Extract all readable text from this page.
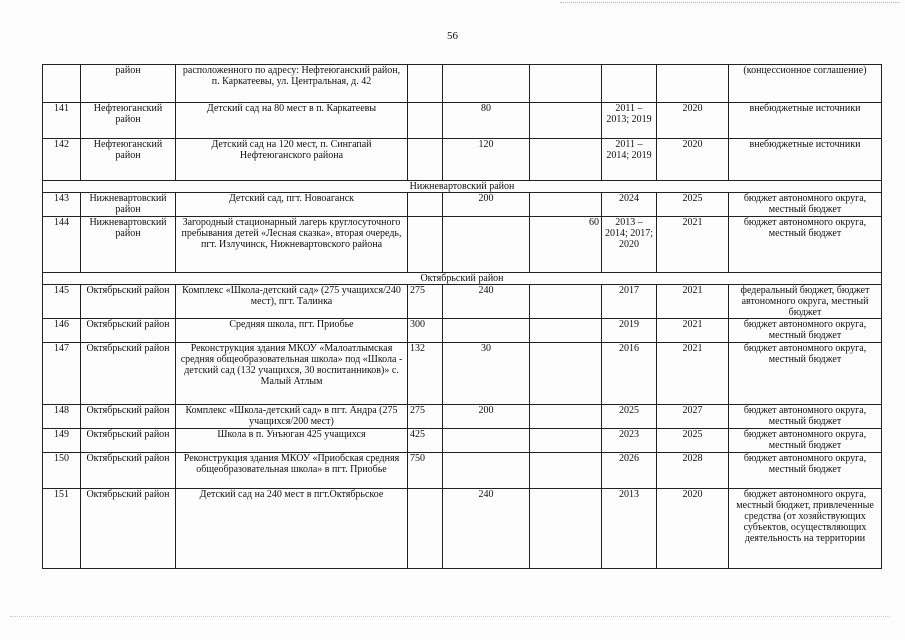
56
	район	расположенного по адресу: Нефтеюганский район, п. Каркатеевы, ул. Центральная, д. 42						(концессионное соглашение)
141	Нефтеюганский район	Детский сад на 80 мест в п. Каркатеевы		80		2011 – 2013; 2019	2020	внебюджетные источники
142	Нефтеюганский район	Детский сад на 120 мест, п. Сингапай Нефтеюганского района		120		2011 – 2014; 2019	2020	внебюджетные источники
Нижневартовский район								
143	Нижневартовский район	Детский сад, пгт. Новоаганск		200		2024	2025	бюджет автономного округа, местный бюджет
144	Нижневартовский район	Загородный стационарный лагерь круглосуточного пребывания детей «Лесная сказка», вторая очередь, пгт. Излучинск, Нижневартовского района			60	2013 – 2014; 2017; 2020	2021	бюджет автономного округа, местный бюджет
Октябрьский район								
145	Октябрьский район	Комплекс «Школа-детский сад» (275 учащихся/240 мест), пгт. Талинка	275	240		2017	2021	федеральный бюджет, бюджет автономного округа, местный бюджет
146	Октябрьский район	Средняя школа, пгт. Приобье	300			2019	2021	бюджет автономного округа, местный бюджет
147	Октябрьский район	Реконструкция здания МКОУ «Малоатлымская средняя общеобразовательная школа» под «Школа - детский сад (132 учащихся, 30 воспитанников)» с. Малый Атлым	132	30		2016	2021	бюджет автономного округа, местный бюджет
148	Октябрьский район	Комплекс «Школа-детский сад» в пгт. Андра (275 учащихся/200 мест)	275	200		2025	2027	бюджет автономного округа, местный бюджет
149	Октябрьский район	Школа в п. Унъюган 425 учащихся	425			2023	2025	бюджет автономного округа, местный бюджет
150	Октябрьский район	Реконструкция здания МКОУ «Приобская средняя общеобразовательная школа» в пгт. Приобье	750			2026	2028	бюджет автономного округа, местный бюджет
151	Октябрьский район	Детский сад на 240 мест в пгт.Октябрьское		240		2013	2020	бюджет автономного округа, местный бюджет, привлеченные средства (от хозяйствующих субъектов, осуществляющих деятельность на территории
